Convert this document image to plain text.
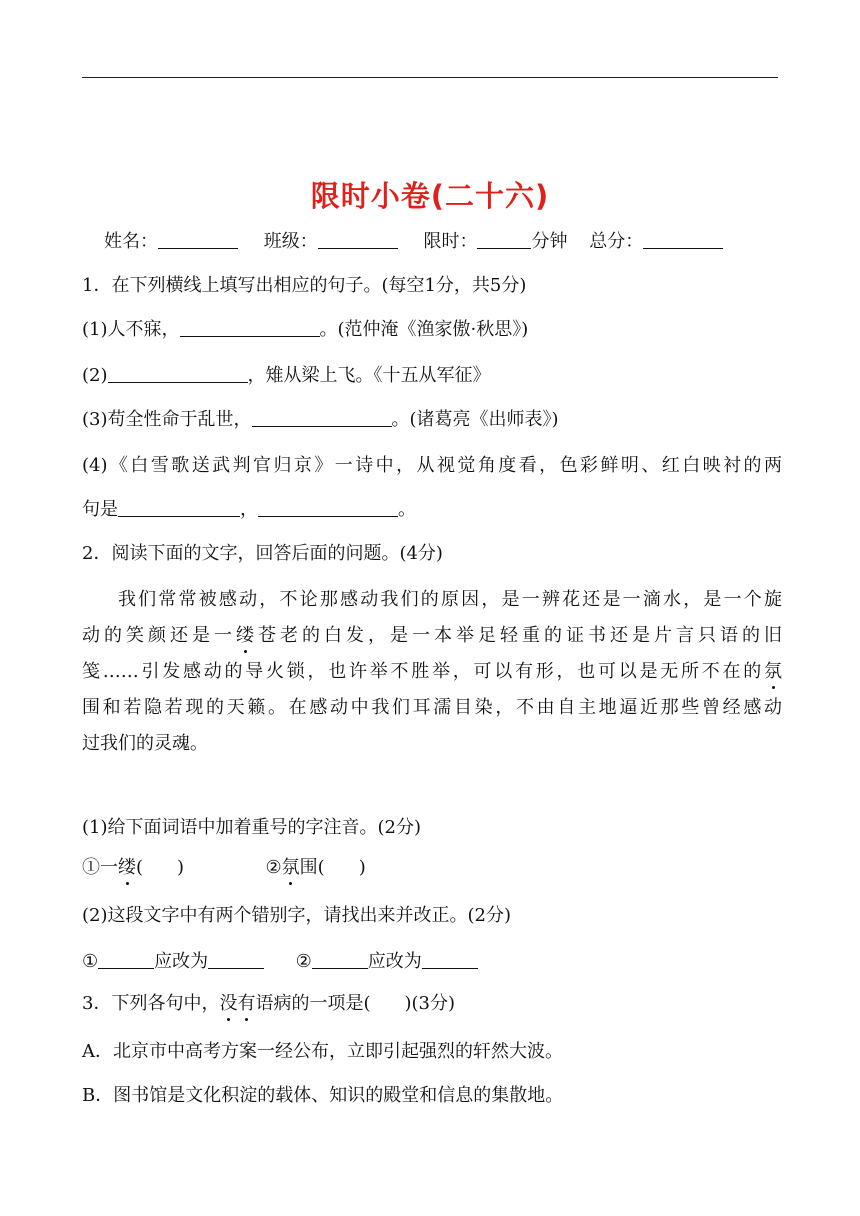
限时小卷(二十六)
姓名：	班级：	限时：	分钟 总分：
1．在下列横线上填写出相应的句子。(每空1分，共5分)
(1)人不寐，	。(范仲淹《渔家傲·秋思》)
(2)	，雉从梁上飞。《十五从军征》
(3)苟全性命于乱世，	。(诸葛亮《出师表》)
(4)《白雪歌送武判官归京》一诗中，从视觉角度看，色彩鲜明、红白映衬的两
句是	，	。
2．阅读下面的文字，回答后面的问题。(4分)
我们常常被感动，不论那感动我们的原因，是一辨花还是一滴水，是一个旋
动的笑颜还是一缕苍老的白发，是一本举足轻重的证书还是片言只语的旧
笺……引发感动的导火锁，也许举不胜举，可以有形，也可以是无所不在的氛
围和若隐若现的天籁。在感动中我们耳濡目染，不由自主地逼近那些曾经感动
过我们的灵魂。
(1)给下面词语中加着重号的字注音。(2分)
①一缕( )	②氛围( )
(2)这段文字中有两个错别字，请找出来并改正。(2分)
①	应改为	②	应改为
3．下列各句中，没有语病的一项是( )(3分)
A．北京市中高考方案一经公布，立即引起强烈的轩然大波。
B．图书馆是文化积淀的载体、知识的殿堂和信息的集散地。
